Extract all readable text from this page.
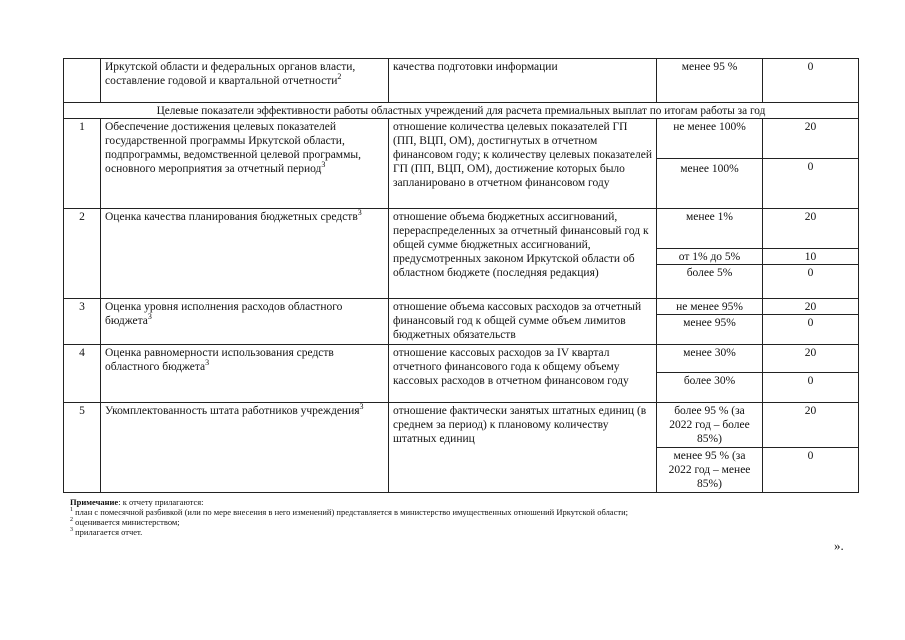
	Иркутской области и федеральных органов власти, составление годовой и квартальной отчетности$^2$	качества подготовки информации	менее 95 %	0
Целевые показатели эффективности работы областных учреждений для расчета премиальных выплат по итогам работы за год				
1	Обеспечение достижения целевых показателей государственной программы Иркутской области, подпрограммы, ведомственной целевой программы, основного мероприятия за отчетный период$^3$	отношение количества целевых показателей ГП (ПП, ВЦП, ОМ), достигнутых в отчетном финансовом году; к количеству целевых показателей ГП (ПП, ВЦП, ОМ), достижение которых было запланировано в отчетном финансовом году	не менее 100%	20
			менее 100%	0
2	Оценка качества планирования бюджетных средств$^3$	отношение объема бюджетных ассигнований, перераспределенных за отчетный финансовый год к общей сумме бюджетных ассигнований, предусмотренных законом Иркутской области об областном бюджете (последняя редакция)	менее 1%	20
			от 1% до 5%	10
			более 5%	0
3	Оценка уровня исполнения расходов областного бюджета$^3$	отношение объема кассовых расходов за отчетный финансовый год к общей сумме объем лимитов бюджетных обязательств	не менее 95%	20
			менее 95%	0
4	Оценка равномерности использования средств областного бюджета$^3$	отношение кассовых расходов за IV квартал отчетного финансового года к общему объему кассовых расходов в отчетном финансовом году	менее 30%	20
			более 30%	0
5	Укомплектованность штата работников учреждения$^3$	отношение фактически занятых штатных единиц (в среднем за период) к плановому количеству штатных единиц	более 95 % (за 2022 год – более 85%)	20
			менее 95 % (за 2022 год – менее 85%)	0
Примечание: к отчету прилагаются:
$^1$ план с помесячной разбивкой (или по мере внесения в него изменений) представляется в министерство имущественных отношений Иркутской области;
$^2$ оценивается министерством;
$^3$ прилагается отчет.
».
